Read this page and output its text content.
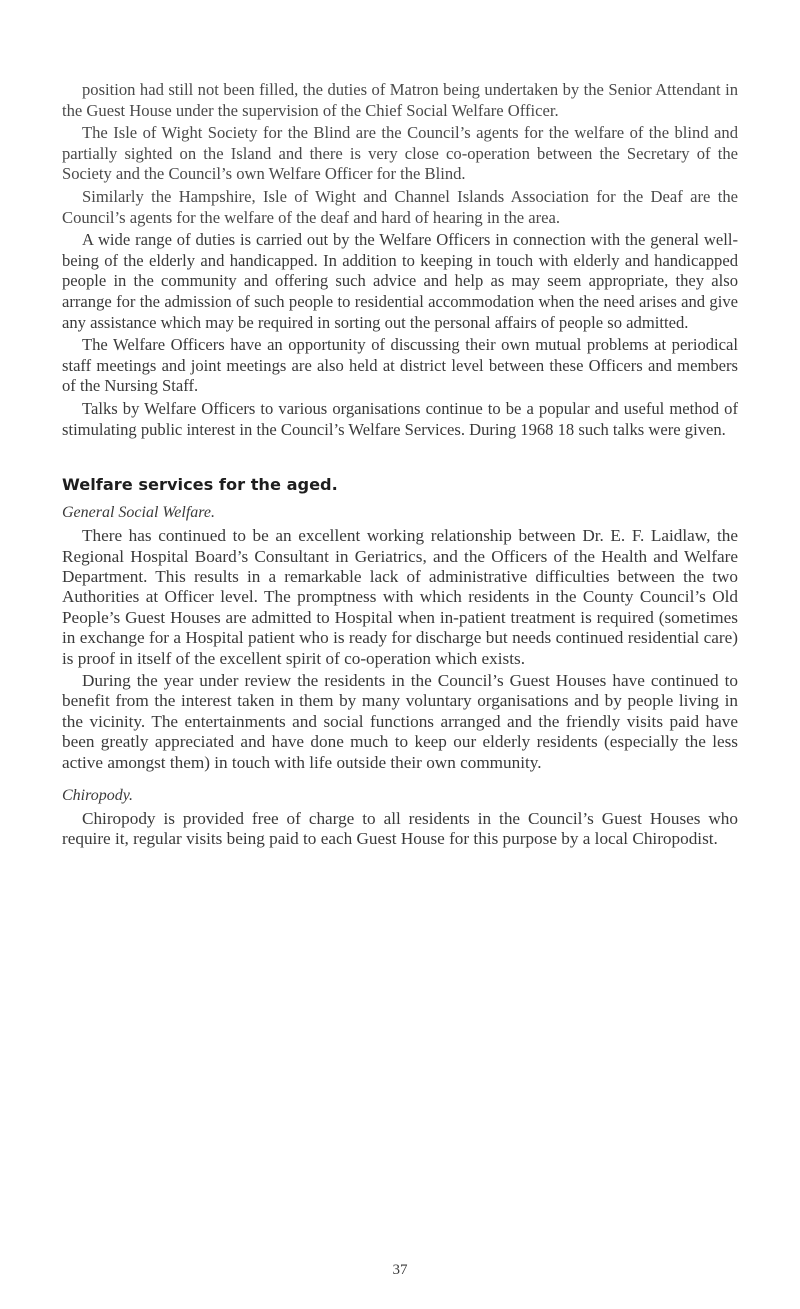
position had still not been filled, the duties of Matron being undertaken by the Senior Attendant in the Guest House under the supervision of the Chief Social Welfare Officer.

The Isle of Wight Society for the Blind are the Council’s agents for the welfare of the blind and partially sighted on the Island and there is very close co-operation between the Secretary of the Society and the Council’s own Welfare Officer for the Blind.

Similarly the Hampshire, Isle of Wight and Channel Islands Association for the Deaf are the Council’s agents for the welfare of the deaf and hard of hearing in the area.

A wide range of duties is carried out by the Welfare Officers in connection with the general well-being of the elderly and handicapped. In addition to keeping in touch with elderly and handicapped people in the community and offering such advice and help as may seem appropriate, they also arrange for the admission of such people to residential accommodation when the need arises and give any assistance which may be required in sorting out the personal affairs of people so admitted.

The Welfare Officers have an opportunity of discussing their own mutual problems at periodical staff meetings and joint meetings are also held at district level between these Officers and members of the Nursing Staff.

Talks by Welfare Officers to various organisations continue to be a popular and useful method of stimulating public interest in the Council’s Welfare Services. During 1968 18 such talks were given.

Welfare services for the aged.
General Social Welfare.

There has continued to be an excellent working relationship between Dr. E. F. Laidlaw, the Regional Hospital Board’s Consultant in Geriatrics, and the Officers of the Health and Welfare Department. This results in a remarkable lack of administrative difficulties between the two Authorities at Officer level. The promptness with which residents in the County Council’s Old People’s Guest Houses are admitted to Hospital when in-patient treatment is required (sometimes in exchange for a Hospital patient who is ready for discharge but needs continued residential care) is proof in itself of the excellent spirit of co-operation which exists.

During the year under review the residents in the Council’s Guest Houses have continued to benefit from the interest taken in them by many voluntary organisations and by people living in the vicinity. The entertainments and social functions arranged and the friendly visits paid have been greatly appreciated and have done much to keep our elderly residents (especially the less active amongst them) in touch with life outside their own community.

Chiropody.

Chiropody is provided free of charge to all residents in the Council’s Guest Houses who require it, regular visits being paid to each Guest House for this purpose by a local Chiropodist.

37
